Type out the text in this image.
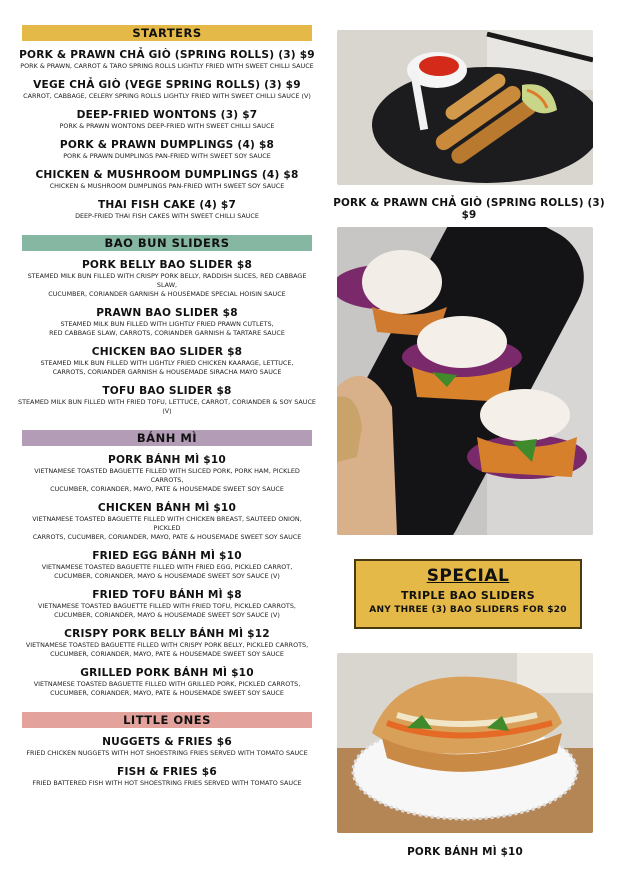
STARTERS
PORK & PRAWN CHẢ GIÒ (SPRING ROLLS) (3) $9
PORK & PRAWN, CARROT & TARO SPRING ROLLS LIGHTLY FRIED WITH SWEET CHILLI SAUCE
VEGE CHẢ GIÒ (VEGE SPRING ROLLS) (3) $9
CARROT, CABBAGE, CELERY SPRING ROLLS LIGHTLY FRIED WITH SWEET CHILLI SAUCE (V)
DEEP-FRIED WONTONS (3) $7
PORK & PRAWN WONTONS DEEP-FRIED WITH SWEET CHILLI SAUCE
PORK & PRAWN DUMPLINGS (4) $8
PORK & PRAWN DUMPLINGS PAN-FRIED WITH SWEET SOY SAUCE
CHICKEN & MUSHROOM DUMPLINGS (4) $8
CHICKEN & MUSHROOM DUMPLINGS PAN-FRIED WITH SWEET SOY SAUCE
THAI FISH CAKE (4) $7
DEEP-FRIED THAI FISH CAKES WITH SWEET CHILLI SAUCE
BAO BUN SLIDERS
PORK BELLY BAO SLIDER $8
STEAMED MILK BUN FILLED WITH CRISPY PORK BELLY, RADDISH SLICES, RED CABBAGE SLAW,
CUCUMBER, CORIANDER GARNISH & HOUSEMADE SPECIAL HOISIN SAUCE
PRAWN BAO SLIDER $8
STEAMED MILK BUN FILLED WITH LIGHTLY FRIED PRAWN CUTLETS,
RED CABBAGE SLAW, CARROTS, CORIANDER GARNISH & TARTARE SAUCE
CHICKEN BAO SLIDER $8
STEAMED MILK BUN FILLED WITH LIGHTLY FRIED CHICKEN KAARAGE, LETTUCE,
CARROTS, CORIANDER GARNISH & HOUSEMADE SIRACHA MAYO SAUCE
TOFU BAO SLIDER $8
STEAMED MILK BUN FILLED WITH FRIED TOFU, LETTUCE, CARROT, CORIANDER & SOY SAUCE (V)
BÁNH MÌ
PORK BÁNH MÌ $10
VIETNAMESE TOASTED BAGUETTE FILLED WITH SLICED PORK, PORK HAM, PICKLED CARROTS,
CUCUMBER, CORIANDER, MAYO, PATE & HOUSEMADE SWEET SOY SAUCE
CHICKEN BÁNH MÌ $10
VIETNAMESE TOASTED BAGUETTE FILLED WITH CHICKEN BREAST, SAUTEED ONION, PICKLED
CARROTS, CUCUMBER, CORIANDER, MAYO, PATE & HOUSEMADE SWEET SOY SAUCE
FRIED EGG BÁNH MÌ $10
VIETNAMESE TOASTED BAGUETTE FILLED WITH FRIED EGG, PICKLED CARROT,
CUCUMBER, CORIANDER, MAYO & HOUSEMADE SWEET SOY SAUCE (V)
FRIED TOFU BÁNH MÌ $8
VIETNAMESE TOASTED BAGUETTE FILLED WITH FRIED TOFU, PICKLED CARROTS,
CUCUMBER, CORIANDER, MAYO & HOUSEMADE SWEET SOY SAUCE (V)
CRISPY PORK BELLY BÁNH MÌ $12
VIETNAMESE TOASTED BAGUETTE FILLED WITH CRISPY PORK BELLY, PICKLED CARROTS,
CUCUMBER, CORIANDER, MAYO, PATE & HOUSEMADE SWEET SOY SAUCE
GRILLED PORK BÁNH MÌ $10
VIETNAMESE TOASTED BAGUETTE FILLED WITH GRILLED PORK, PICKLED CARROTS,
CUCUMBER, CORIANDER, MAYO, PATE & HOUSEMADE SWEET SOY SAUCE
LITTLE ONES
NUGGETS & FRIES $6
FRIED CHICKEN NUGGETS WITH HOT SHOESTRING FRIES SERVED WITH TOMATO SAUCE
FISH & FRIES $6
FRIED BATTERED FISH WITH HOT SHOESTRING FRIES SERVED WITH TOMATO SAUCE
PORK & PRAWN CHẢ GIÒ (SPRING ROLLS) (3) $9
SPECIAL
TRIPLE BAO SLIDERS
ANY THREE (3) BAO SLIDERS FOR $20
PORK BÁNH MÌ $10
